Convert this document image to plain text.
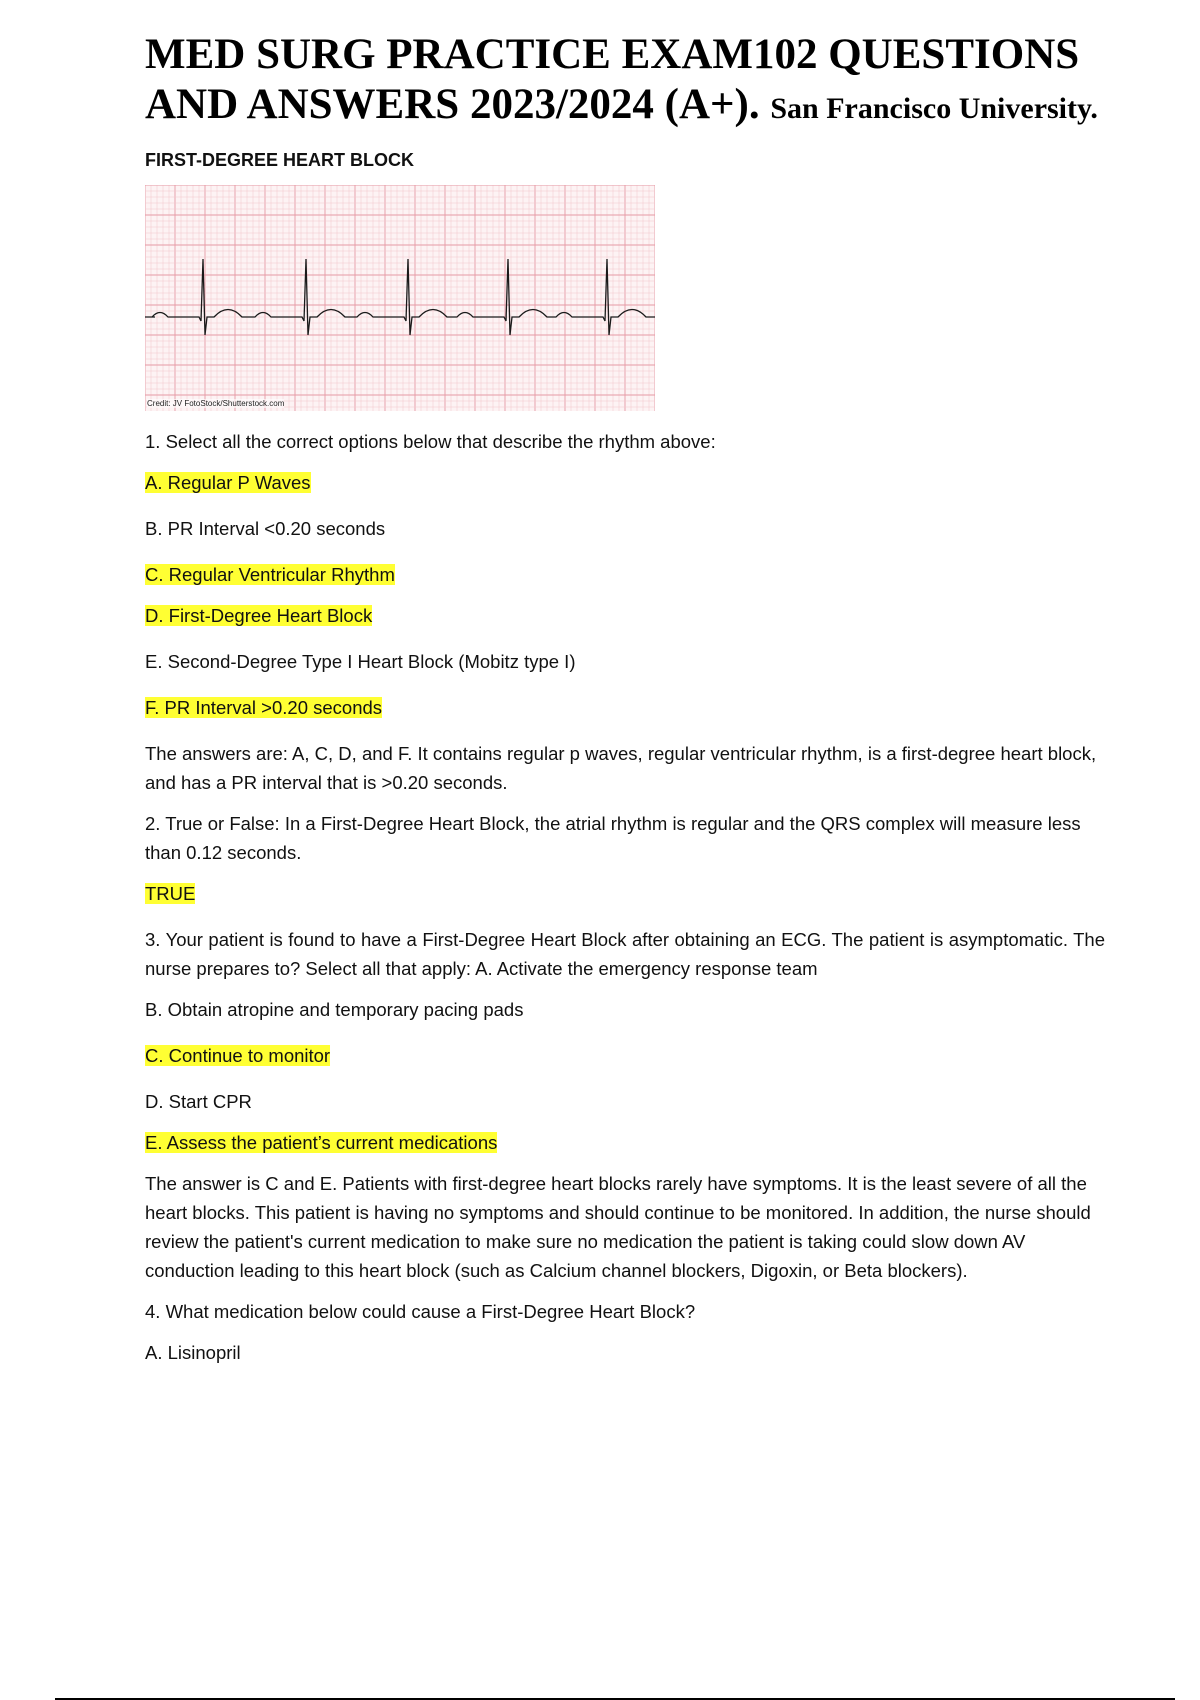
MED SURG PRACTICE EXAM102 QUESTIONS
AND ANSWERS 2023/2024 (A+). San Francisco University.
FIRST-DEGREE HEART BLOCK
Credit: JV FotoStock/Shutterstock.com

1. Select all the correct options below that describe the rhythm above:

A. Regular P Waves

B. PR Interval <0.20 seconds

C. Regular Ventricular Rhythm

D. First-Degree Heart Block

E. Second-Degree Type I Heart Block (Mobitz type I)

F. PR Interval >0.20 seconds

The answers are: A, C, D, and F. It contains regular p waves, regular ventricular rhythm, is a first-degree heart block, and has a PR interval that is >0.20 seconds.

2. True or False: In a First-Degree Heart Block, the atrial rhythm is regular and the QRS complex will measure less than 0.12 seconds.

TRUE

3. Your patient is found to have a First-Degree Heart Block after obtaining an ECG. The patient is asymptomatic. The nurse prepares to? Select all that apply: A. Activate the emergency response team

B. Obtain atropine and temporary pacing pads

C. Continue to monitor

D. Start CPR

E. Assess the patient’s current medications

The answer is C and E. Patients with first-degree heart blocks rarely have symptoms. It is the least severe of all the heart blocks. This patient is having no symptoms and should continue to be monitored. In addition, the nurse should review the patient's current medication to make sure no medication the patient is taking could slow down AV conduction leading to this heart block (such as Calcium channel blockers, Digoxin, or Beta blockers).

4. What medication below could cause a First-Degree Heart Block?

A. Lisinopril
